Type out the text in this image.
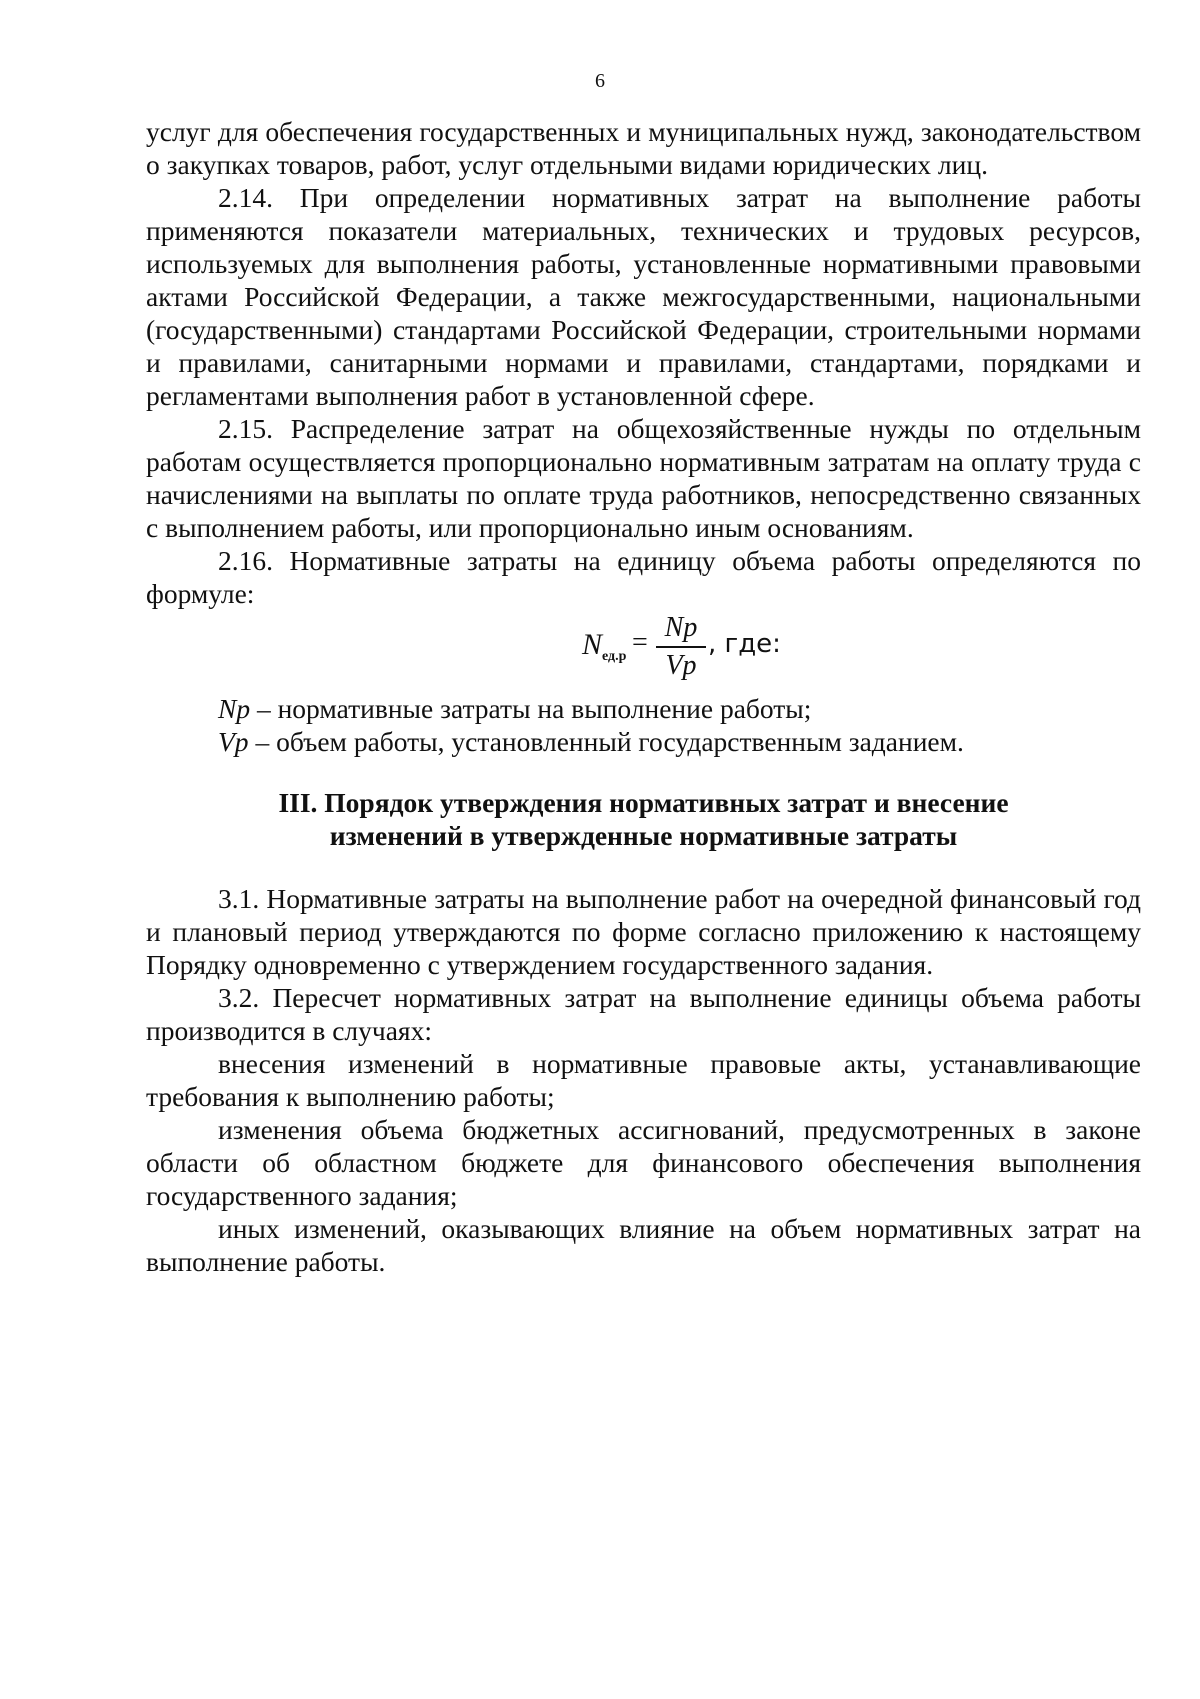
6

услуг для обеспечения государственных и муниципальных нужд, законодательством о закупках товаров, работ, услуг отдельными видами юридических лиц.

2.14. При определении нормативных затрат на выполнение работы применяются показатели материальных, технических и трудовых ресурсов, используемых для выполнения работы, установленные нормативными правовыми актами Российской Федерации, а также межгосударственными, национальными (государственными) стандартами Российской Федерации, строительными нормами и правилами, санитарными нормами и правилами, стандартами, порядками и регламентами выполнения работ в установленной сфере.

2.15. Распределение затрат на общехозяйственные нужды по отдельным работам осуществляется пропорционально нормативным затратам на оплату труда с начислениями на выплаты по оплате труда работников, непосредственно связанных с выполнением работы, или пропорционально иным основаниям.

2.16. Нормативные затраты на единицу объема работы определяются по формуле:

$N_{ед.р} = Np$
Vp
, где:

Np – нормативные затраты на выполнение работы;

Vp – объем работы, установленный государственным заданием.

III. Порядок утверждения нормативных затрат и внесение
изменений в утвержденные нормативные затраты

3.1. Нормативные затраты на выполнение работ на очередной финансовый год и плановый период утверждаются по форме согласно приложению к настоящему Порядку одновременно с утверждением государственного задания.

3.2. Пересчет нормативных затрат на выполнение единицы объема работы производится в случаях:

внесения изменений в нормативные правовые акты, устанавливающие требования к выполнению работы;

изменения объема бюджетных ассигнований, предусмотренных в законе области об областном бюджете для финансового обеспечения выполнения государственного задания;

иных изменений, оказывающих влияние на объем нормативных затрат на выполнение работы.
